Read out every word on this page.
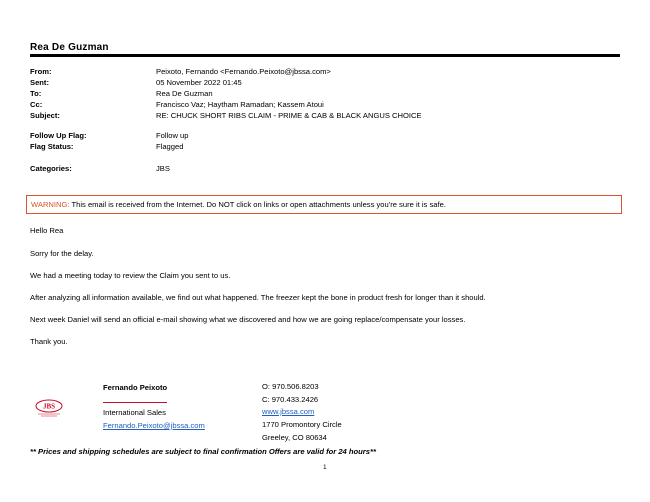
Rea De Guzman
From:	Peixoto, Fernando <Fernando.Peixoto@jbssa.com>
Sent:	05 November 2022 01:45
To:	Rea De Guzman
Cc:	Francisco Vaz; Haytham Ramadan; Kassem Atoui
Subject:	RE: CHUCK SHORT RIBS CLAIM - PRIME & CAB & BLACK ANGUS CHOICE
Follow Up Flag:	Follow up
Flag Status:	Flagged
Categories:	JBS
WARNING: This email is received from the Internet. Do NOT click on links or open attachments unless you're sure it is safe.
Hello Rea
Sorry for the delay.
We had a meeting today to review the Claim you sent to us.
After analyzing all information available, we find out what happened. The freezer kept the bone in product fresh for longer than it should.
Next week Daniel will send an official e-mail showing what we discovered and how we are going replace/compensate your losses.
Thank you.
JBS
Fernando Peixoto
International Sales
Fernando.Peixoto@jbssa.com
O: 970.506.8203
C: 970.433.2426
www.jbssa.com
1770 Promontory Circle
Greeley, CO 80634
** Prices and shipping schedules are subject to final confirmation Offers are valid for 24 hours**
1
